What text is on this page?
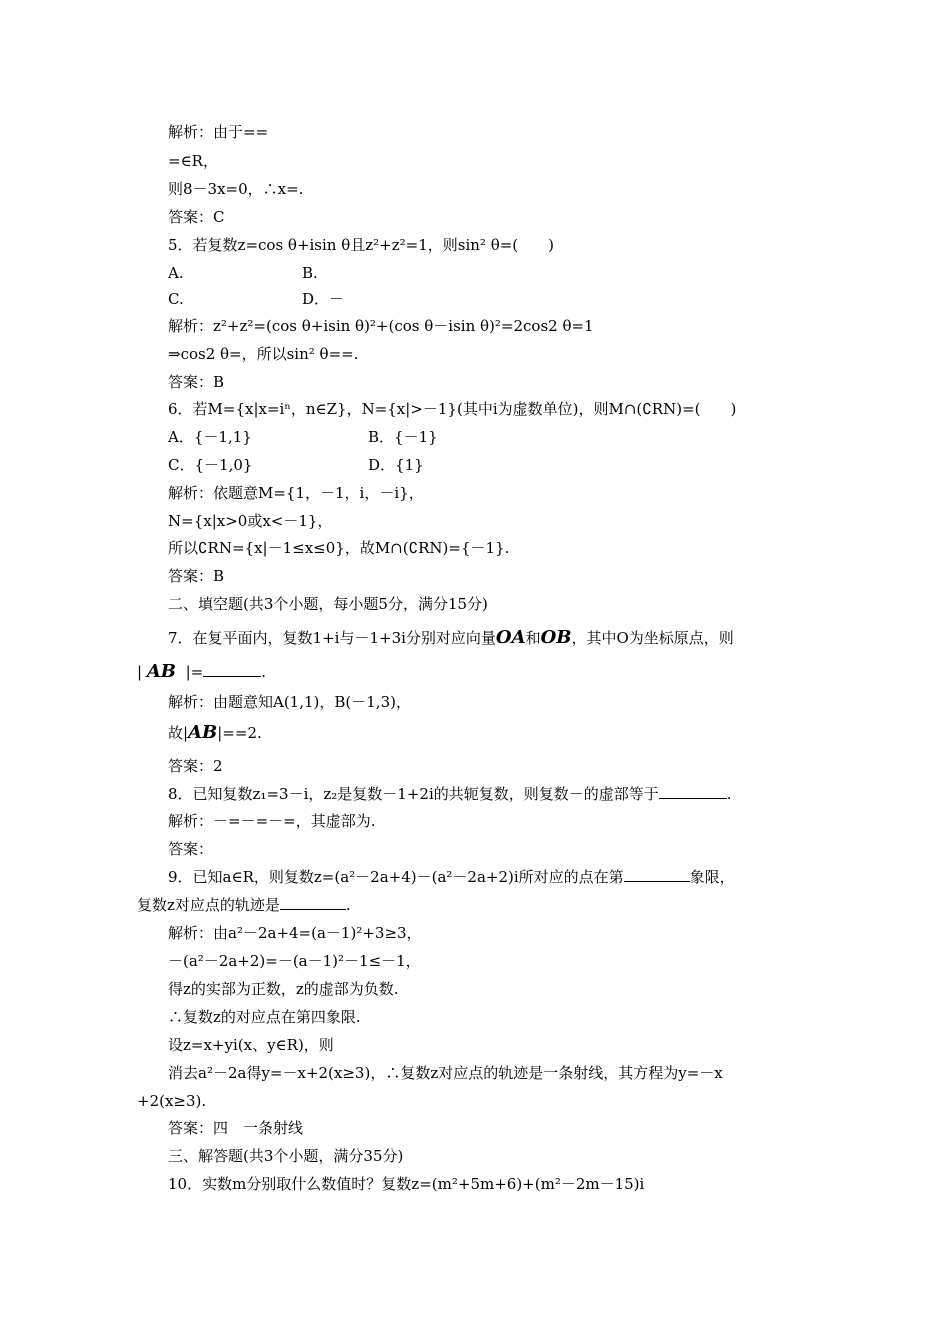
解析：由于==
=∈R，
则8－3x=0，∴x=.
答案：C
5．若复数z=cos θ+isin θ且z²+z²=1，则sin² θ=(　　)
A.	B.
C.	D．－
解析：z²+z²=(cos θ+isin θ)²+(cos θ－isin θ)²=2cos2 θ=1
⇒cos2 θ=，所以sin² θ==.
答案：B
6．若M={x|x=iⁿ，n∈Z}，N={x|>－1}(其中i为虚数单位)，则M∩(∁RN)=(　　)
A．{－1,1}	B．{－1}
C．{－1,0}	D．{1}
解析：依题意M={1，－1，i，－i}，
N={x|x>0或x<－1}，
所以∁RN={x|－1≤x≤0}，故M∩(∁RN)={－1}.
答案：B
二、填空题(共3个小题，每小题5分，满分15分)
7．在复平面内，复数1+i与－1+3i分别对应向量OA和OB，其中O为坐标原点，则
| AB |=	.
解析：由题意知A(1,1)，B(－1,3)，
故|AB|==2.
答案：2
8．已知复数z₁=3－i，z₂是复数－1+2i的共轭复数，则复数－的虚部等于	.
解析：－=－=－=，其虚部为.
答案：
9．已知a∈R，则复数z=(a²－2a+4)－(a²－2a+2)i所对应的点在第	象限，
复数z对应点的轨迹是	.
解析：由a²－2a+4=(a－1)²+3≥3，
－(a²－2a+2)=－(a－1)²－1≤－1，
得z的实部为正数，z的虚部为负数.
∴复数z的对应点在第四象限.
设z=x+yi(x、y∈R)，则
消去a²－2a得y=－x+2(x≥3)，∴复数z对应点的轨迹是一条射线，其方程为y=－x
+2(x≥3).
答案：四　一条射线
三、解答题(共3个小题，满分35分)
10．实数m分别取什么数值时？复数z=(m²+5m+6)+(m²－2m－15)i
